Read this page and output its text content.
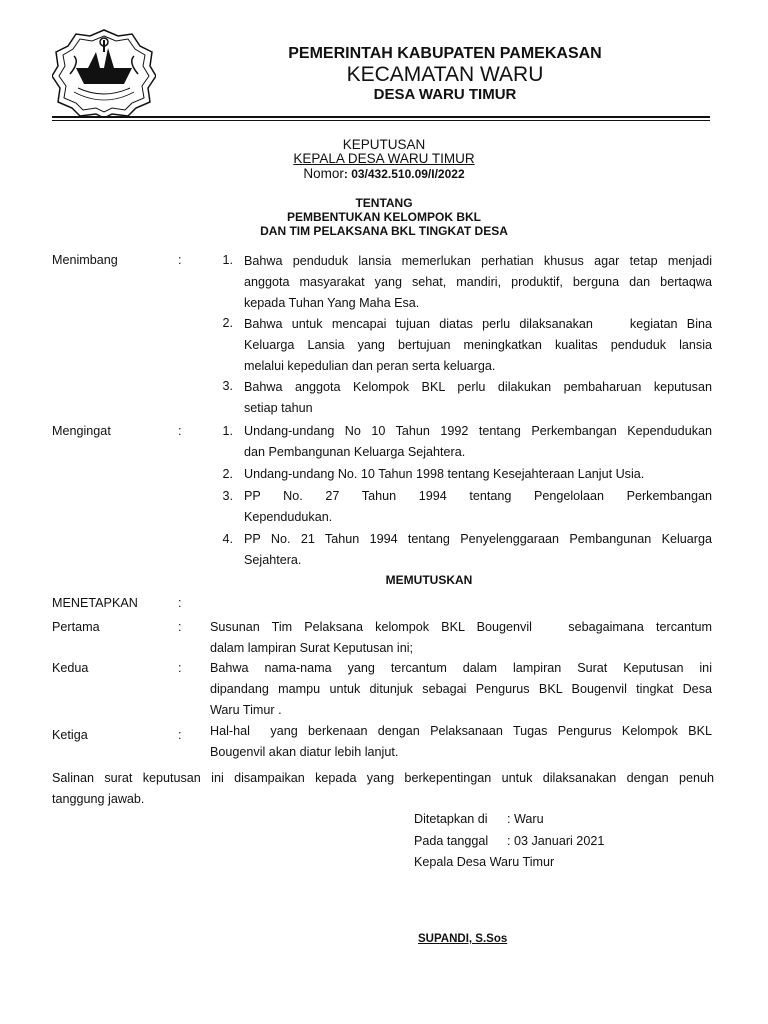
PEMERINTAH KABUPATEN PAMEKASAN
KECAMATAN WARU
DESA WARU TIMUR
KEPUTUSAN
KEPALA DESA WARU TIMUR
Nomor: 03/432.510.09/I/2022
TENTANG
PEMBENTUKAN KELOMPOK BKL
DAN TIM PELAKSANA BKL TINGKAT DESA
Menimbang	:	1. Bahwa penduduk lansia memerlukan perhatian khusus agar tetap menjadi
anggota masyarakat yang sehat, mandiri, produktif, berguna dan bertaqwa
kepada Tuhan Yang Maha Esa.
2. Bahwa untuk mencapai tujuan diatas perlu dilaksanakan    kegiatan Bina
Keluarga Lansia yang bertujuan meningkatkan kualitas penduduk lansia
melalui kepedulian dan peran serta keluarga.
3. Bahwa anggota Kelompok BKL perlu dilakukan pembaharuan keputusan
setiap tahun
Mengingat	:	1. Undang-undang No 10 Tahun 1992 tentang Perkembangan Kependudukan
dan Pembangunan Keluarga Sejahtera.
2. Undang-undang No. 10 Tahun 1998 tentang Kesejahteraan Lanjut Usia.
3. PP    No.    27    Tahun    1994    tentang    Pengelolaan    Perkembangan
Kependudukan.
4. PP No. 21 Tahun 1994 tentang Penyelenggaraan Pembangunan Keluarga
Sejahtera.
MEMUTUSKAN
MENETAPKAN	:
Pertama	: Susunan Tim Pelaksana kelompok BKL Bougenvil   sebagaimana tercantum
dalam lampiran Surat Keputusan ini;
Kedua	: Bahwa nama-nama yang tercantum dalam lampiran Surat Keputusan ini
dipandang mampu untuk ditunjuk sebagai Pengurus BKL Bougenvil tingkat Desa
Waru Timur .
Ketiga	: Hal-hal  yang berkenaan dengan Pelaksanaan Tugas Pengurus Kelompok BKL
Bougenvil akan diatur lebih lanjut.
Salinan surat keputusan ini disampaikan kepada yang berkepentingan untuk dilaksanakan dengan penuh
tanggung jawab.
Ditetapkan di : Waru
Pada tanggal : 03 Januari 2021
Kepala Desa Waru Timur
SUPANDI, S.Sos
